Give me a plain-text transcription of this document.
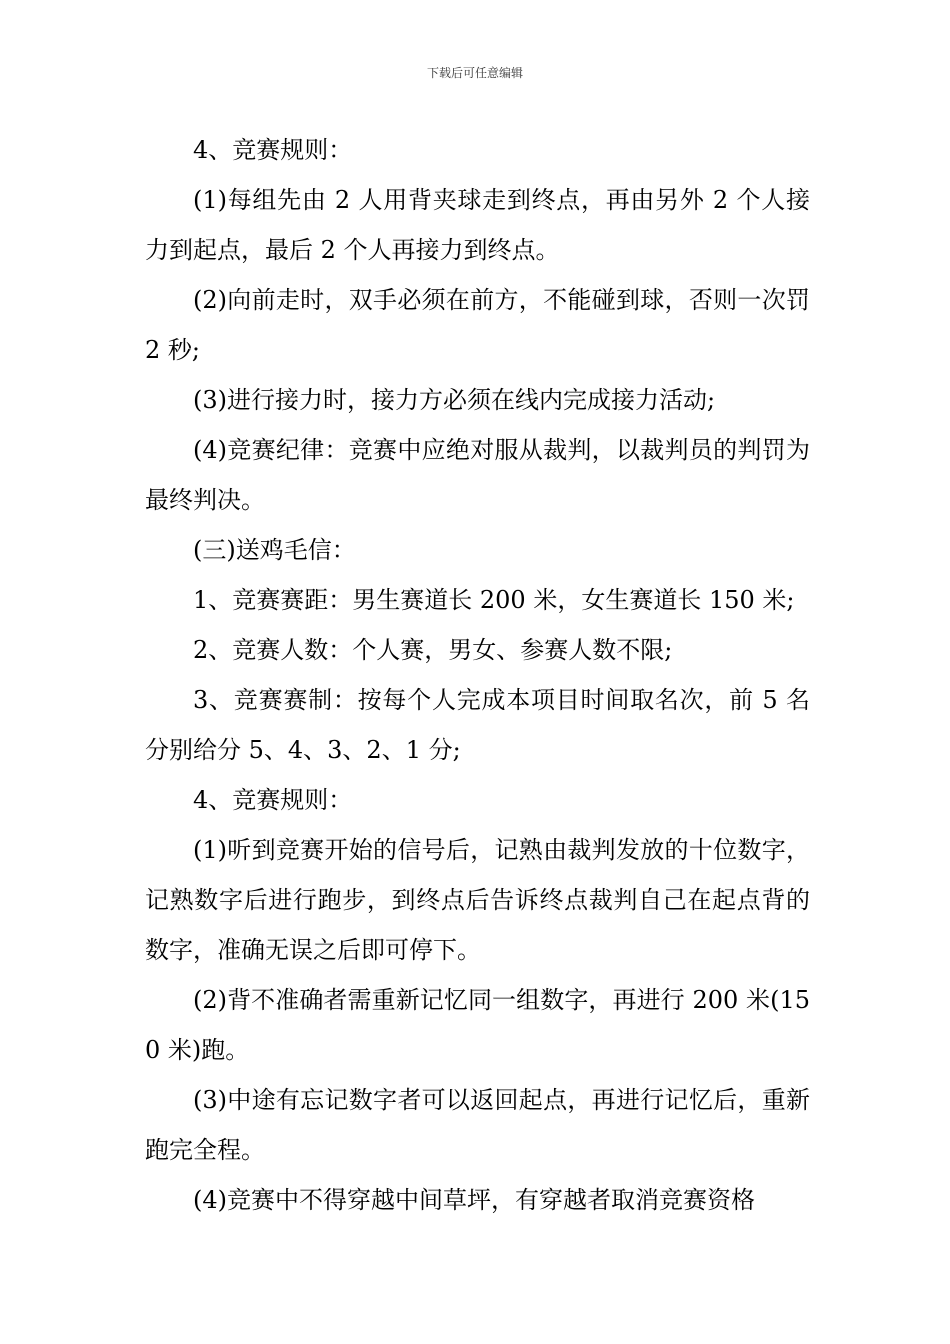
下载后可任意编辑

4、竞赛规则：

(1)每组先由 2 人用背夹球走到终点，再由另外 2 个人接力到起点，最后 2 个人再接力到终点。

(2)向前走时，双手必须在前方，不能碰到球，否则一次罚 2 秒;

(3)进行接力时，接力方必须在线内完成接力活动;

(4)竞赛纪律：竞赛中应绝对服从裁判，以裁判员的判罚为最终判决。

(三)送鸡毛信：

1、竞赛赛距：男生赛道长 200 米，女生赛道长 150 米;

2、竞赛人数：个人赛，男女、参赛人数不限;

3、竞赛赛制：按每个人完成本项目时间取名次，前 5 名分别给分 5、4、3、2、1 分;

4、竞赛规则：

(1)听到竞赛开始的信号后，记熟由裁判发放的十位数字，记熟数字后进行跑步，到终点后告诉终点裁判自己在起点背的数字，准确无误之后即可停下。

(2)背不准确者需重新记忆同一组数字，再进行 200 米(150 米)跑。

(3)中途有忘记数字者可以返回起点，再进行记忆后，重新跑完全程。

(4)竞赛中不得穿越中间草坪，有穿越者取消竞赛资格
